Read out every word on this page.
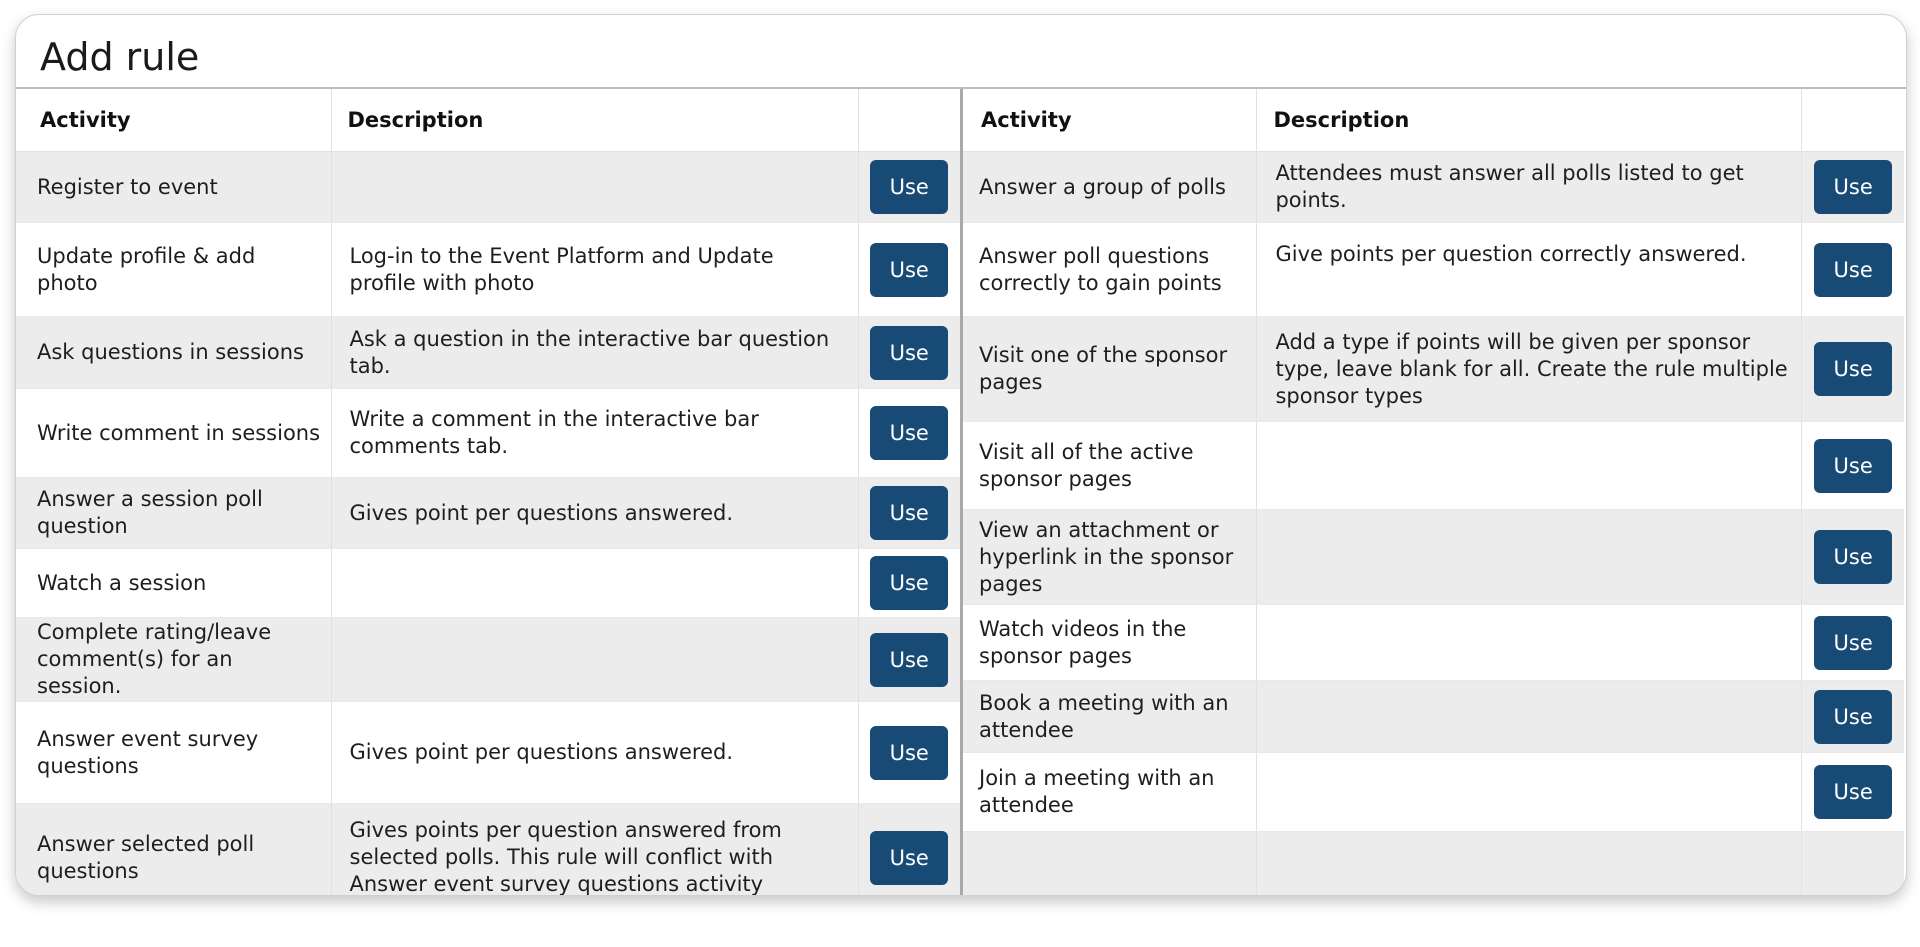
Add rule
Activity	Description	
Register to event		Use
Update profile & add photo	Log-in to the Event Platform and Update profile with photo	Use
Ask questions in sessions	Ask a question in the interactive bar question tab.	Use
Write comment in sessions	Write a comment in the interactive bar comments tab.	Use
Answer a session poll question	Gives point per questions answered.	Use
Watch a session		Use
Complete rating/leave comment(s) for an session.		Use
Answer event survey questions	Gives point per questions answered.	Use
Answer selected poll questions	Gives points per question answered from selected polls. This rule will conflict with Answer event survey questions activity	Use
Activity	Description	
Answer a group of polls	Attendees must answer all polls listed to get points.	Use
Answer poll questions correctly to gain points	Give points per question correctly answered.	Use
Visit one of the sponsor pages	Add a type if points will be given per sponsor type, leave blank for all. Create the rule multiple sponsor types	Use
Visit all of the active sponsor pages		Use
View an attachment or hyperlink in the sponsor pages		Use
Watch videos in the sponsor pages		Use
Book a meeting with an attendee		Use
Join a meeting with an attendee		Use
